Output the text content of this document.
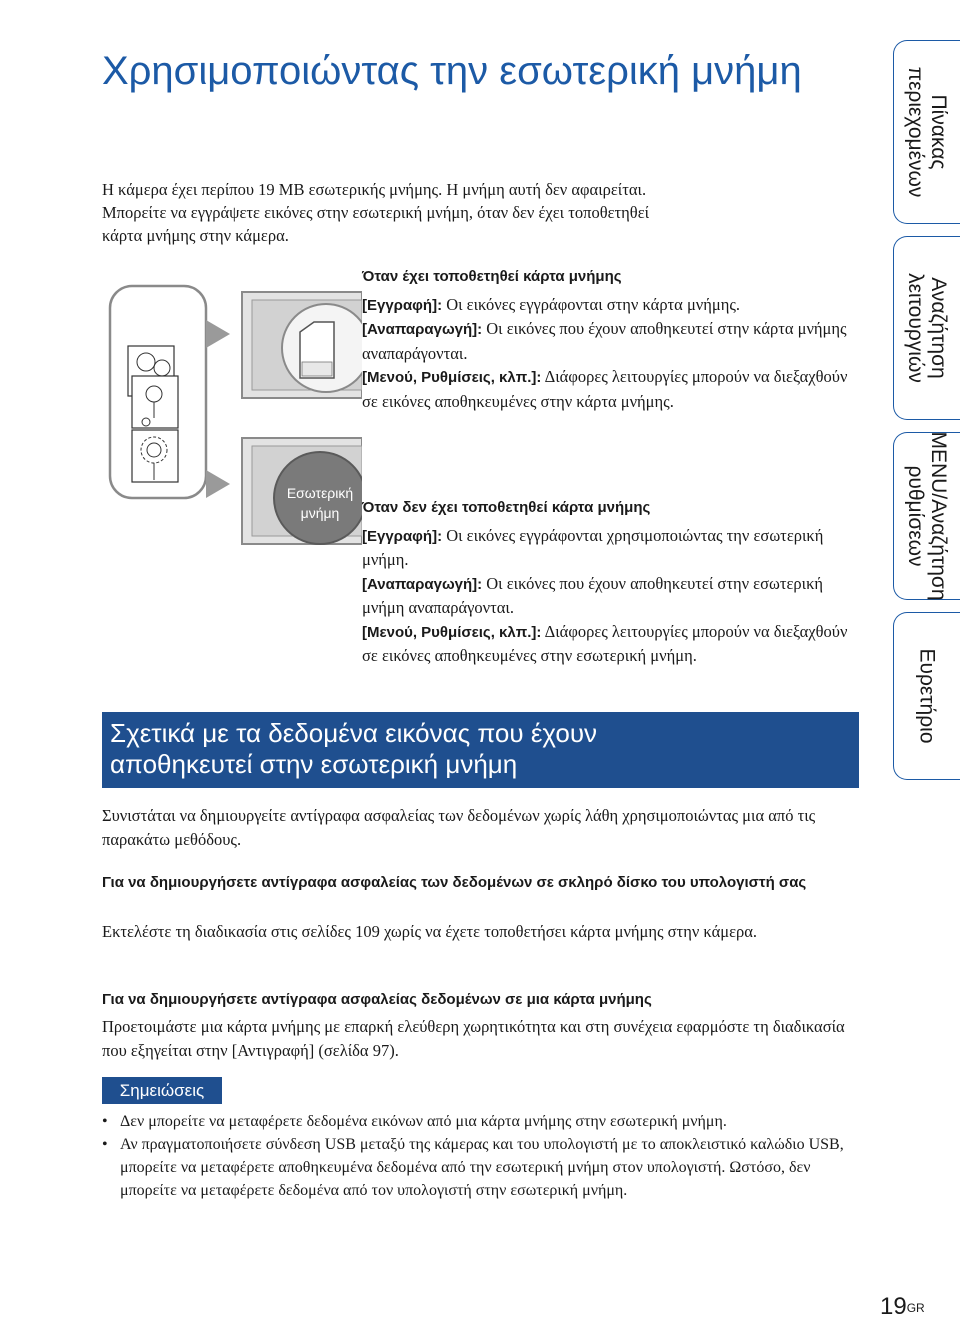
Χρησιμοποιώντας την εσωτερική μνήμη

Η κάμερα έχει περίπου 19 MB εσωτερικής μνήμης. Η μνήμη αυτή δεν αφαιρείται.

Μπορείτε να εγγράψετε εικόνες στην εσωτερική μνήμη, όταν δεν έχει τοποθετηθεί

κάρτα μνήμης στην κάμερα.

Εσωτερική
μνήμη
Όταν έχει τοποθετηθεί κάρτα μνήμης
[Εγγραφή]: Οι εικόνες εγγράφονται στην κάρτα μνήμης.
[Αναπαραγωγή]: Οι εικόνες που έχουν αποθηκευτεί στην κάρτα μνήμης αναπαράγονται.
[Μενού, Ρυθμίσεις, κλπ.]: Διάφορες λειτουργίες μπορούν να διεξαχθούν σε εικόνες αποθηκευμένες στην κάρτα μνήμης.
Όταν δεν έχει τοποθετηθεί κάρτα μνήμης
[Εγγραφή]: Οι εικόνες εγγράφονται χρησιμοποιώντας την εσωτερική μνήμη.
[Αναπαραγωγή]: Οι εικόνες που έχουν αποθηκευτεί στην εσωτερική μνήμη αναπαράγονται.
[Μενού, Ρυθμίσεις, κλπ.]: Διάφορες λειτουργίες μπορούν να διεξαχθούν σε εικόνες αποθηκευμένες στην εσωτερική μνήμη.
Σχετικά με τα δεδομένα εικόνας που έχουν
αποθηκευτεί στην εσωτερική μνήμη
Συνιστάται να δημιουργείτε αντίγραφα ασφαλείας των δεδομένων χωρίς λάθη χρησιμοποιώντας μια από τις παρακάτω μεθόδους.
Για να δημιουργήσετε αντίγραφα ασφαλείας των δεδομένων σε σκληρό δίσκο του υπολογιστή σας
Εκτελέστε τη διαδικασία στις σελίδες 109 χωρίς να έχετε τοποθετήσει κάρτα μνήμης στην κάμερα.
Για να δημιουργήσετε αντίγραφα ασφαλείας δεδομένων σε μια κάρτα μνήμης
Προετοιμάστε μια κάρτα μνήμης με επαρκή ελεύθερη χωρητικότητα και στη συνέχεια εφαρμόστε τη διαδικασία που εξηγείται στην [Αντιγραφή] (σελίδα 97).
Σημειώσεις
• Δεν μπορείτε να μεταφέρετε δεδομένα εικόνων από μια κάρτα μνήμης στην εσωτερική μνήμη.
• Αν πραγματοποιήσετε σύνδεση USB μεταξύ της κάμερας και του υπολογιστή με το αποκλειστικό καλώδιο USB, μπορείτε να μεταφέρετε αποθηκευμένα δεδομένα από την εσωτερική μνήμη στον υπολογιστή. Ωστόσο, δεν μπορείτε να μεταφέρετε δεδομένα από τον υπολογιστή στην εσωτερική μνήμη.
Πίνακας
περιεχομένων
Αναζήτηση
λειτουργιών
MENU/Αναζήτηση
ρυθμίσεων
Ευρετήριο
$19^{GR}$
